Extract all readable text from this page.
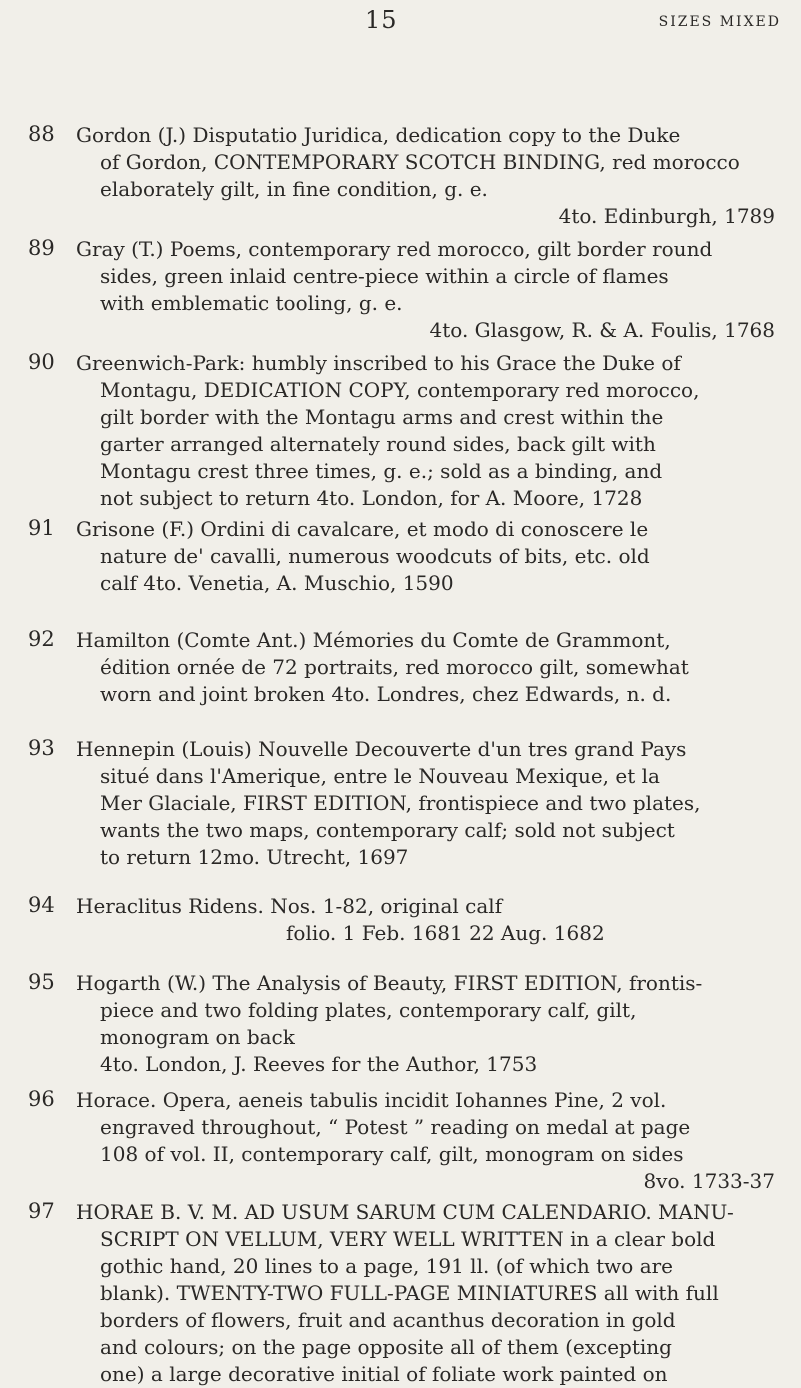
15	SIZES MIXED
88 Gordon (J.) Disputatio Juridica, dedication copy to the Duke
of Gordon, CONTEMPORARY SCOTCH BINDING, red morocco
elaborately gilt, in fine condition, g. e.
4to. Edinburgh, 1789
89 Gray (T.) Poems, contemporary red morocco, gilt border round
sides, green inlaid centre-piece within a circle of flames
with emblematic tooling, g. e.
4to. Glasgow, R. & A. Foulis, 1768
90 Greenwich-Park: humbly inscribed to his Grace the Duke of
Montagu, DEDICATION COPY, contemporary red morocco,
gilt border with the Montagu arms and crest within the
garter arranged alternately round sides, back gilt with
Montagu crest three times, g. e.; sold as a binding, and
not subject to return 4to. London, for A. Moore, 1728
91 Grisone (F.) Ordini di cavalcare, et modo di conoscere le
nature de' cavalli, numerous woodcuts of bits, etc. old
calf 4to. Venetia, A. Muschio, 1590
92 Hamilton (Comte Ant.) Mémories du Comte de Grammont,
édition ornée de 72 portraits, red morocco gilt, somewhat
worn and joint broken 4to. Londres, chez Edwards, n. d.
93 Hennepin (Louis) Nouvelle Decouverte d'un tres grand Pays
situé dans l'Amerique, entre le Nouveau Mexique, et la
Mer Glaciale, FIRST EDITION, frontispiece and two plates,
wants the two maps, contemporary calf; sold not subject
to return 12mo. Utrecht, 1697
94 Heraclitus Ridens. Nos. 1-82, original calf
folio. 1 Feb. 1681 22 Aug. 1682
95 Hogarth (W.) The Analysis of Beauty, FIRST EDITION, frontis-
piece and two folding plates, contemporary calf, gilt,
monogram on back
4to. London, J. Reeves for the Author, 1753
96 Horace. Opera, aeneis tabulis incidit Iohannes Pine, 2 vol.
engraved throughout, “ Potest ” reading on medal at page
108 of vol. II, contemporary calf, gilt, monogram on sides
8vo. 1733-37
97 HORAE B. V. M. AD USUM SARUM CUM CALENDARIO. MANU-
SCRIPT ON VELLUM, VERY WELL WRITTEN in a clear bold
gothic hand, 20 lines to a page, 191 ll. (of which two are
blank). TWENTY-TWO FULL-PAGE MINIATURES all with full
borders of flowers, fruit and acanthus decoration in gold
and colours; on the page opposite all of them (excepting
one) a large decorative initial of foliate work painted on
